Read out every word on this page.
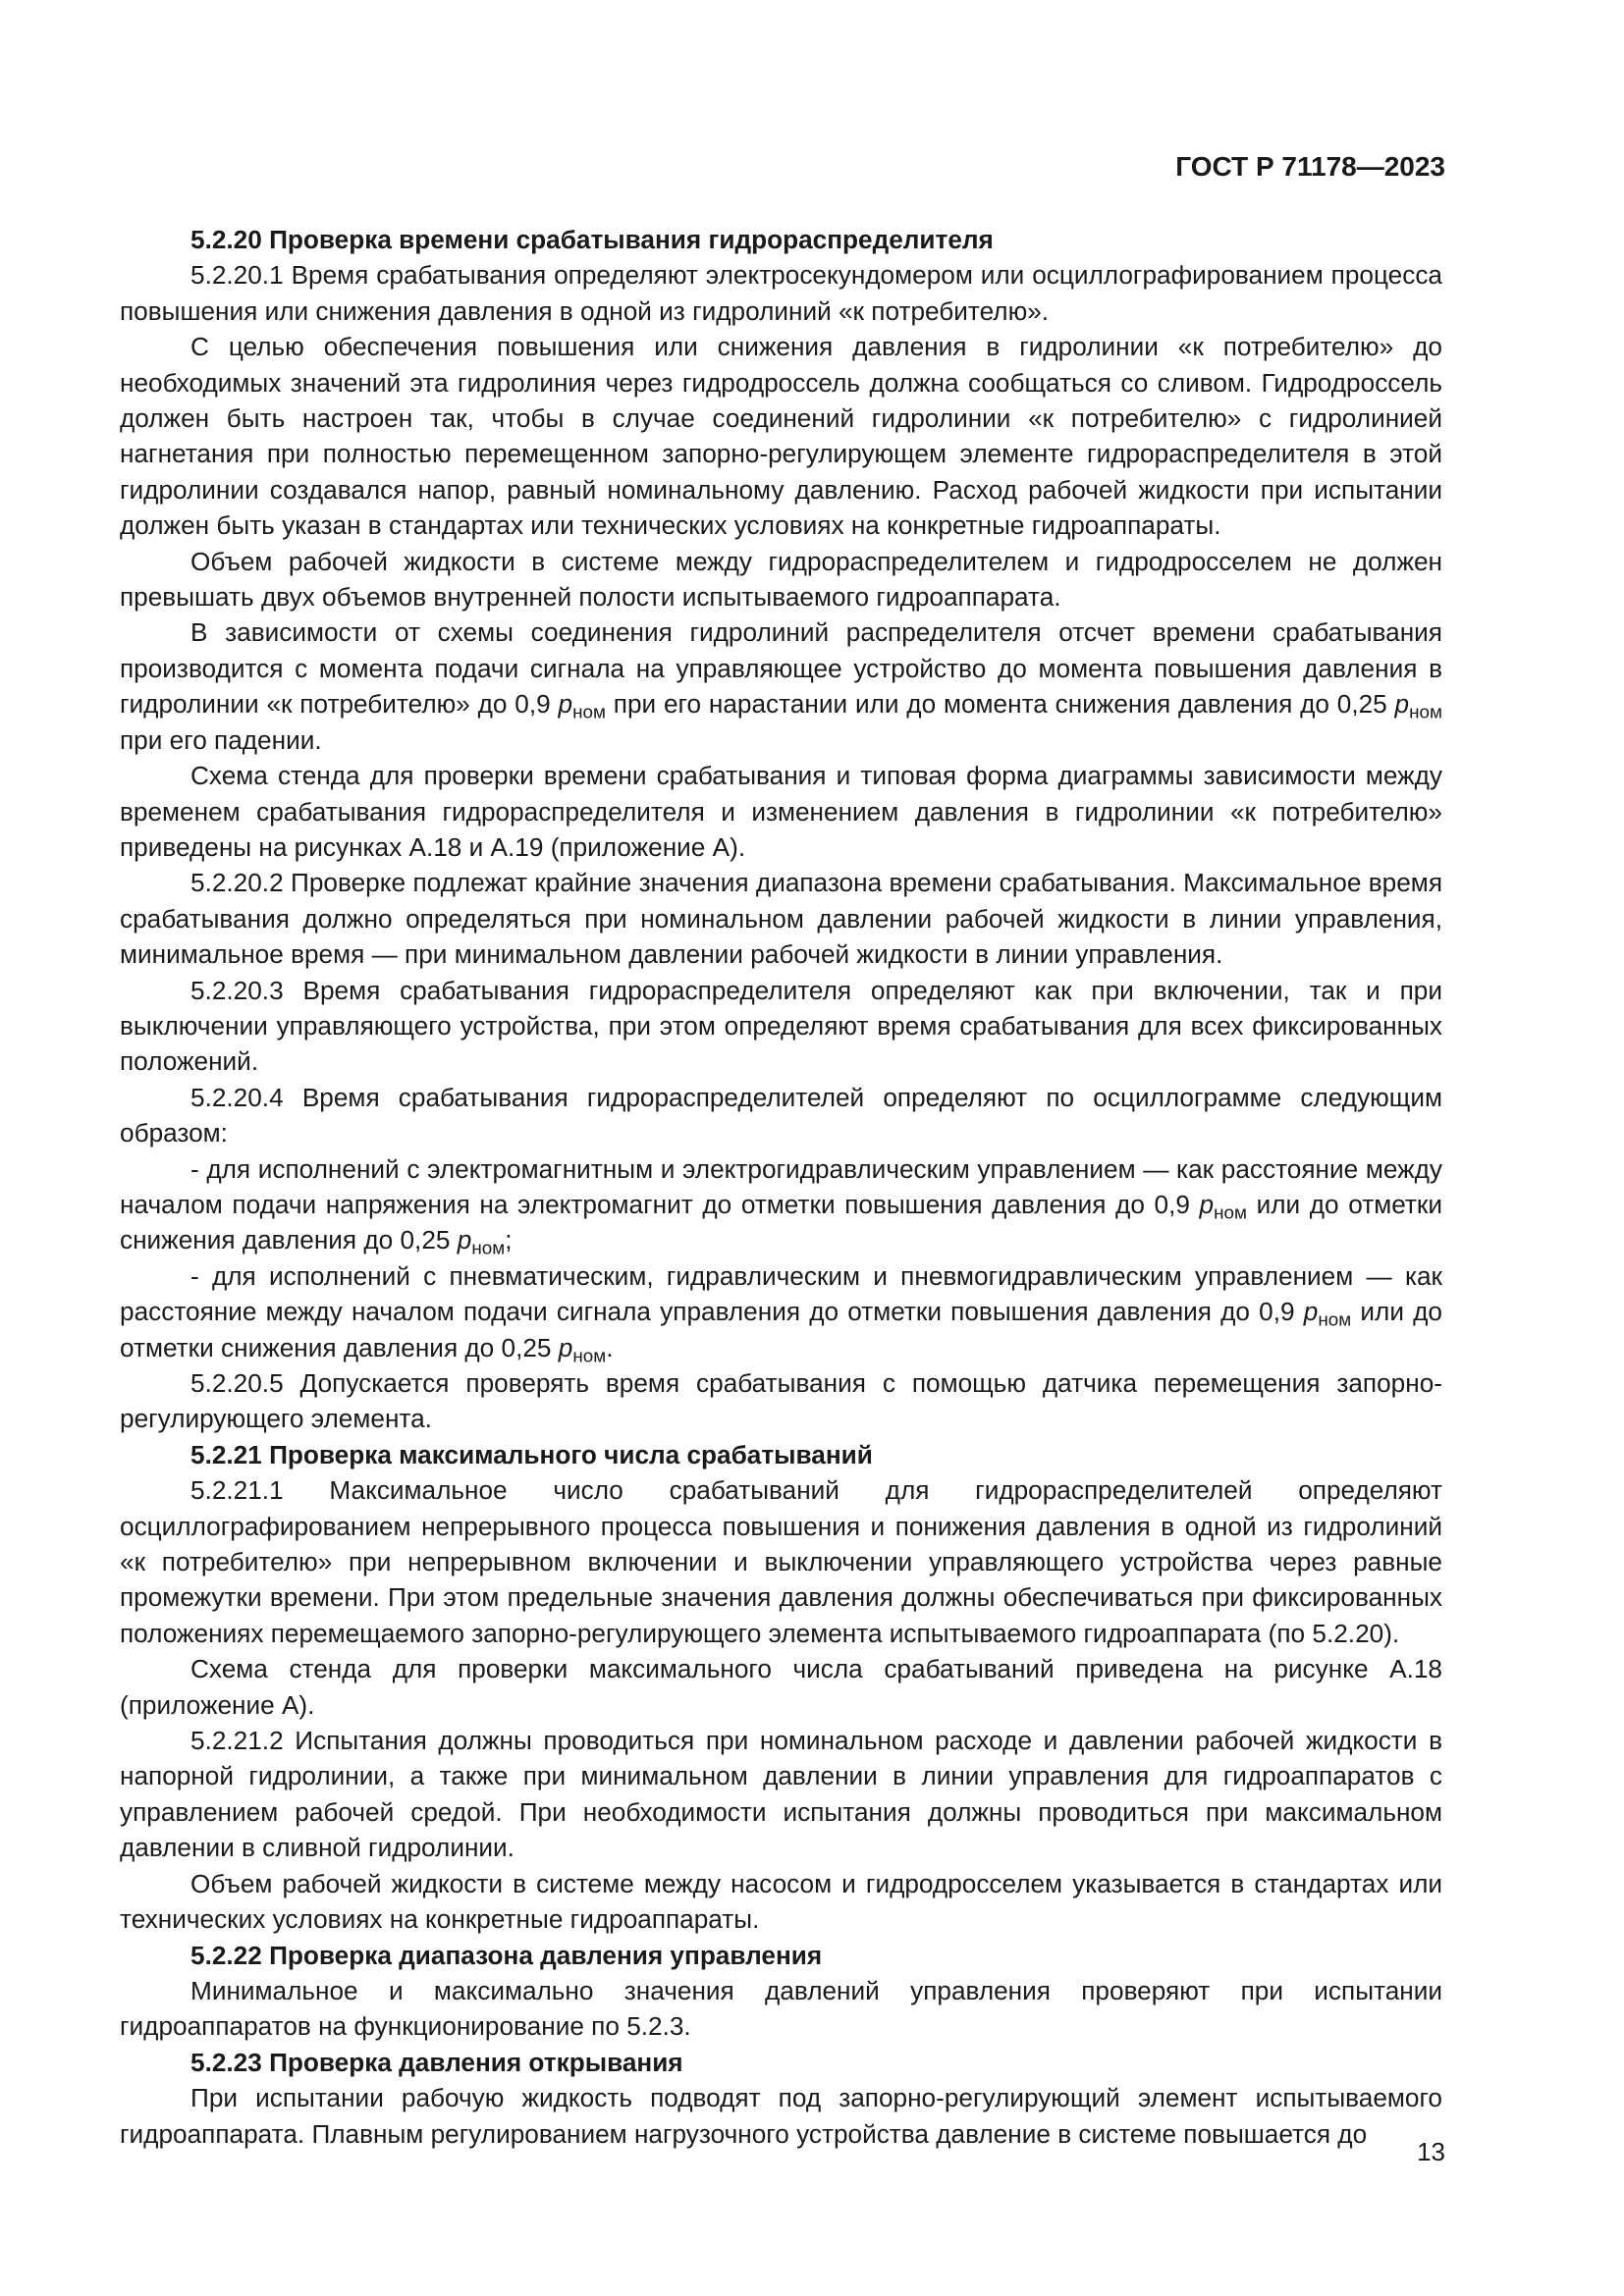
ГОСТ Р 71178—2023

5.2.20 Проверка времени срабатывания гидрораспределителя

5.2.20.1 Время срабатывания определяют электросекундомером или осциллографированием процесса повышения или снижения давления в одной из гидролиний «к потребителю».

С целью обеспечения повышения или снижения давления в гидролинии «к потребителю» до необходимых значений эта гидролиния через гидродроссель должна сообщаться со сливом. Гидродроссель должен быть настроен так, чтобы в случае соединений гидролинии «к потребителю» с гидролинией нагнетания при полностью перемещенном запорно-регулирующем элементе гидрораспределителя в этой гидролинии создавался напор, равный номинальному давлению. Расход рабочей жидкости при испытании должен быть указан в стандартах или технических условиях на конкретные гидроаппараты.

Объем рабочей жидкости в системе между гидрораспределителем и гидродросселем не должен превышать двух объемов внутренней полости испытываемого гидроаппарата.

В зависимости от схемы соединения гидролиний распределителя отсчет времени срабатывания производится с момента подачи сигнала на управляющее устройство до момента повышения давления в гидролинии «к потребителю» до 0,9 $p_{ном}$ при его нарастании или до момента снижения давления до 0,25 $p_{ном}$ при его падении.

Схема стенда для проверки времени срабатывания и типовая форма диаграммы зависимости между временем срабатывания гидрораспределителя и изменением давления в гидролинии «к потребителю» приведены на рисунках А.18 и А.19 (приложение А).

5.2.20.2 Проверке подлежат крайние значения диапазона времени срабатывания. Максимальное время срабатывания должно определяться при номинальном давлении рабочей жидкости в линии управления, минимальное время — при минимальном давлении рабочей жидкости в линии управления.

5.2.20.3 Время срабатывания гидрораспределителя определяют как при включении, так и при выключении управляющего устройства, при этом определяют время срабатывания для всех фиксированных положений.

5.2.20.4 Время срабатывания гидрораспределителей определяют по осциллограмме следующим образом:

- для исполнений с электромагнитным и электрогидравлическим управлением — как расстояние между началом подачи напряжения на электромагнит до отметки повышения давления до 0,9 $p_{ном}$ или до отметки снижения давления до 0,25 $p_{ном}$;

- для исполнений с пневматическим, гидравлическим и пневмогидравлическим управлением — как расстояние между началом подачи сигнала управления до отметки повышения давления до 0,9 $p_{ном}$ или до отметки снижения давления до 0,25 $p_{ном}$.

5.2.20.5 Допускается проверять время срабатывания с помощью датчика перемещения запорно-регулирующего элемента.

5.2.21 Проверка максимального числа срабатываний

5.2.21.1 Максимальное число срабатываний для гидрораспределителей определяют осциллографированием непрерывного процесса повышения и понижения давления в одной из гидролиний «к потребителю» при непрерывном включении и выключении управляющего устройства через равные промежутки времени. При этом предельные значения давления должны обеспечиваться при фиксированных положениях перемещаемого запорно-регулирующего элемента испытываемого гидроаппарата (по 5.2.20).

Схема стенда для проверки максимального числа срабатываний приведена на рисунке А.18 (приложение А).

5.2.21.2 Испытания должны проводиться при номинальном расходе и давлении рабочей жидкости в напорной гидролинии, а также при минимальном давлении в линии управления для гидроаппаратов с управлением рабочей средой. При необходимости испытания должны проводиться при максимальном давлении в сливной гидролинии.

Объем рабочей жидкости в системе между насосом и гидродросселем указывается в стандартах или технических условиях на конкретные гидроаппараты.

5.2.22 Проверка диапазона давления управления

Минимальное и максимально значения давлений управления проверяют при испытании гидроаппаратов на функционирование по 5.2.3.

5.2.23 Проверка давления открывания

При испытании рабочую жидкость подводят под запорно-регулирующий элемент испытываемого гидроаппарата. Плавным регулированием нагрузочного устройства давление в системе повышается до

13
